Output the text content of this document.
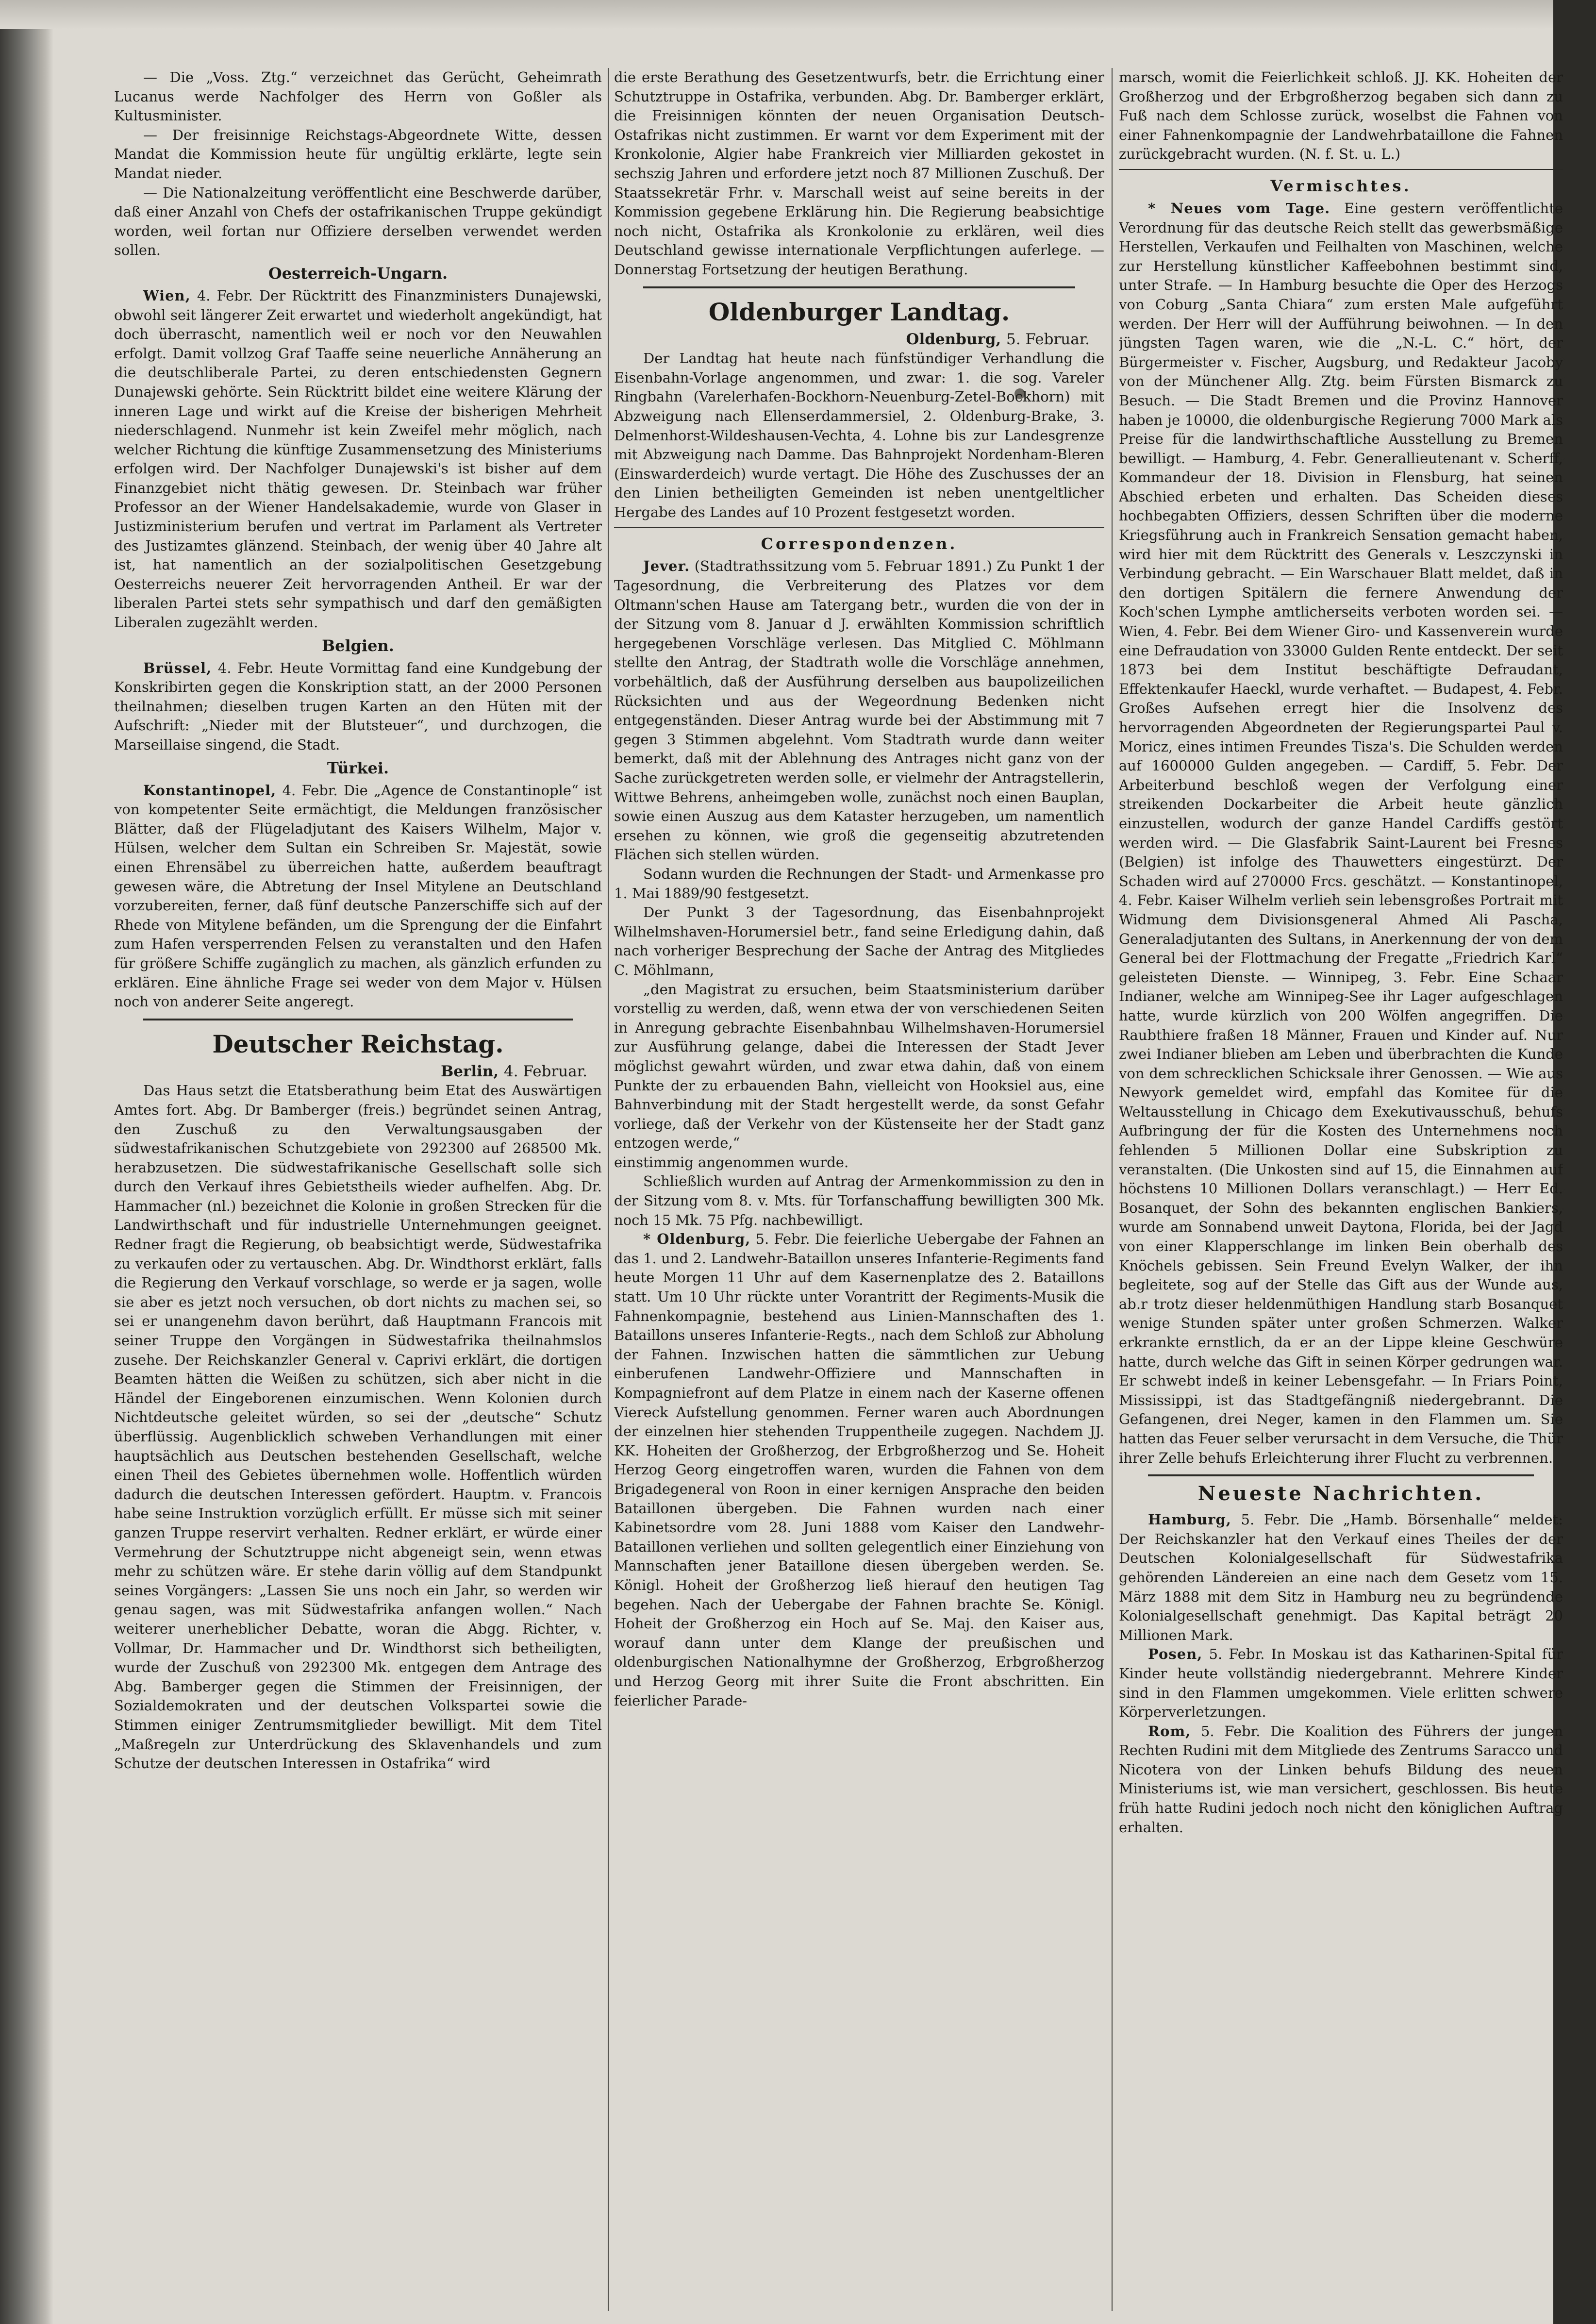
— Die „Voss. Ztg.“ verzeichnet das Gerücht, Geheimrath Lucanus werde Nachfolger des Herrn von Goßler als Kultusminister.

— Der freisinnige Reichstags-Abgeordnete Witte, dessen Mandat die Kommission heute für ungültig erklärte, legte sein Mandat nieder.

— Die Nationalzeitung veröffentlicht eine Beschwerde darüber, daß einer Anzahl von Chefs der ostafrikanischen Truppe gekündigt worden, weil fortan nur Offiziere derselben verwendet werden sollen.

Oesterreich-Ungarn.

Wien, 4. Febr. Der Rücktritt des Finanzministers Dunajewski, obwohl seit längerer Zeit erwartet und wiederholt angekündigt, hat doch überrascht, namentlich weil er noch vor den Neuwahlen erfolgt. Damit vollzog Graf Taaffe seine neuerliche Annäherung an die deutschliberale Partei, zu deren entschiedensten Gegnern Dunajewski gehörte. Sein Rücktritt bildet eine weitere Klärung der inneren Lage und wirkt auf die Kreise der bisherigen Mehrheit niederschlagend. Nunmehr ist kein Zweifel mehr möglich, nach welcher Richtung die künftige Zusammensetzung des Ministeriums erfolgen wird. Der Nachfolger Dunajewski's ist bisher auf dem Finanzgebiet nicht thätig gewesen. Dr. Steinbach war früher Professor an der Wiener Handelsakademie, wurde von Glaser in Justizministerium berufen und vertrat im Parlament als Vertreter des Justizamtes glänzend. Steinbach, der wenig über 40 Jahre alt ist, hat namentlich an der sozialpolitischen Gesetzgebung Oesterreichs neuerer Zeit hervorragenden Antheil. Er war der liberalen Partei stets sehr sympathisch und darf den gemäßigten Liberalen zugezählt werden.

Belgien.

Brüssel, 4. Febr. Heute Vormittag fand eine Kundgebung der Konskribirten gegen die Konskription statt, an der 2000 Personen theilnahmen; dieselben trugen Karten an den Hüten mit der Aufschrift: „Nieder mit der Blutsteuer“, und durchzogen, die Marseillaise singend, die Stadt.

Türkei.

Konstantinopel, 4. Febr. Die „Agence de Constantinople“ ist von kompetenter Seite ermächtigt, die Meldungen französischer Blätter, daß der Flügeladjutant des Kaisers Wilhelm, Major v. Hülsen, welcher dem Sultan ein Schreiben Sr. Majestät, sowie einen Ehrensäbel zu überreichen hatte, außerdem beauftragt gewesen wäre, die Abtretung der Insel Mitylene an Deutschland vorzubereiten, ferner, daß fünf deutsche Panzerschiffe sich auf der Rhede von Mitylene befänden, um die Sprengung der die Einfahrt zum Hafen versperrenden Felsen zu veranstalten und den Hafen für größere Schiffe zugänglich zu machen, als gänzlich erfunden zu erklären. Eine ähnliche Frage sei weder von dem Major v. Hülsen noch von anderer Seite angeregt.

Deutscher Reichstag.
Berlin, 4. Februar.

Das Haus setzt die Etatsberathung beim Etat des Auswärtigen Amtes fort. Abg. Dr Bamberger (freis.) begründet seinen Antrag, den Zuschuß zu den Verwaltungsausgaben der südwestafrikanischen Schutzgebiete von 292300 auf 268500 Mk. herabzusetzen. Die südwestafrikanische Gesellschaft solle sich durch den Verkauf ihres Gebietstheils wieder aufhelfen. Abg. Dr. Hammacher (nl.) bezeichnet die Kolonie in großen Strecken für die Landwirthschaft und für industrielle Unternehmungen geeignet. Redner fragt die Regierung, ob beabsichtigt werde, Südwestafrika zu verkaufen oder zu vertauschen. Abg. Dr. Windthorst erklärt, falls die Regierung den Verkauf vorschlage, so werde er ja sagen, wolle sie aber es jetzt noch versuchen, ob dort nichts zu machen sei, so sei er unangenehm davon berührt, daß Hauptmann Francois mit seiner Truppe den Vorgängen in Südwestafrika theilnahmslos zusehe. Der Reichskanzler General v. Caprivi erklärt, die dortigen Beamten hätten die Weißen zu schützen, sich aber nicht in die Händel der Eingeborenen einzumischen. Wenn Kolonien durch Nichtdeutsche geleitet würden, so sei der „deutsche“ Schutz überflüssig. Augenblicklich schweben Verhandlungen mit einer hauptsächlich aus Deutschen bestehenden Gesellschaft, welche einen Theil des Gebietes übernehmen wolle. Hoffentlich würden dadurch die deutschen Interessen gefördert. Hauptm. v. Francois habe seine Instruktion vorzüglich erfüllt. Er müsse sich mit seiner ganzen Truppe reservirt verhalten. Redner erklärt, er würde einer Vermehrung der Schutztruppe nicht abgeneigt sein, wenn etwas mehr zu schützen wäre. Er stehe darin völlig auf dem Standpunkt seines Vorgängers: „Lassen Sie uns noch ein Jahr, so werden wir genau sagen, was mit Südwestafrika anfangen wollen.“ Nach weiterer unerheblicher Debatte, woran die Abgg. Richter, v. Vollmar, Dr. Hammacher und Dr. Windthorst sich betheiligten, wurde der Zuschuß von 292300 Mk. entgegen dem Antrage des Abg. Bamberger gegen die Stimmen der Freisinnigen, der Sozialdemokraten und der deutschen Volkspartei sowie die Stimmen einiger Zentrumsmitglieder bewilligt. Mit dem Titel „Maßregeln zur Unterdrückung des Sklavenhandels und zum Schutze der deutschen Interessen in Ostafrika“ wird

die erste Berathung des Gesetzentwurfs, betr. die Errichtung einer Schutztruppe in Ostafrika, verbunden. Abg. Dr. Bamberger erklärt, die Freisinnigen könnten der neuen Organisation Deutsch-Ostafrikas nicht zustimmen. Er warnt vor dem Experiment mit der Kronkolonie, Algier habe Frankreich vier Milliarden gekostet in sechszig Jahren und erfordere jetzt noch 87 Millionen Zuschuß. Der Staatssekretär Frhr. v. Marschall weist auf seine bereits in der Kommission gegebene Erklärung hin. Die Regierung beabsichtige noch nicht, Ostafrika als Kronkolonie zu erklären, weil dies Deutschland gewisse internationale Verpflichtungen auferlege. — Donnerstag Fortsetzung der heutigen Berathung.

Oldenburger Landtag.
Oldenburg, 5. Februar.

Der Landtag hat heute nach fünfstündiger Verhandlung die Eisenbahn-Vorlage angenommen, und zwar: 1. die sog. Vareler Ringbahn (Varelerhafen-Bockhorn-Neuenburg-Zetel-Bockhorn) mit Abzweigung nach Ellenserdammersiel, 2. Oldenburg-Brake, 3. Delmenhorst-Wildeshausen-Vechta, 4. Lohne bis zur Landesgrenze mit Abzweigung nach Damme. Das Bahnprojekt Nordenham-Bleren (Einswarderdeich) wurde vertagt. Die Höhe des Zuschusses der an den Linien betheiligten Gemeinden ist neben unentgeltlicher Hergabe des Landes auf 10 Prozent festgesetzt worden.

Correspondenzen.

Jever. (Stadtrathssitzung vom 5. Februar 1891.) Zu Punkt 1 der Tagesordnung, die Verbreiterung des Platzes vor dem Oltmann'schen Hause am Tatergang betr., wurden die von der in der Sitzung vom 8. Januar d J. erwählten Kommission schriftlich hergegebenen Vorschläge verlesen. Das Mitglied C. Möhlmann stellte den Antrag, der Stadtrath wolle die Vorschläge annehmen, vorbehältlich, daß der Ausführung derselben aus baupolizeilichen Rücksichten und aus der Wegeordnung Bedenken nicht entgegenständen. Dieser Antrag wurde bei der Abstimmung mit 7 gegen 3 Stimmen abgelehnt. Vom Stadtrath wurde dann weiter bemerkt, daß mit der Ablehnung des Antrages nicht ganz von der Sache zurückgetreten werden solle, er vielmehr der Antragstellerin, Wittwe Behrens, anheimgeben wolle, zunächst noch einen Bauplan, sowie einen Auszug aus dem Kataster herzugeben, um namentlich ersehen zu können, wie groß die gegenseitig abzutretenden Flächen sich stellen würden.

Sodann wurden die Rechnungen der Stadt- und Armenkasse pro 1. Mai 1889/90 festgesetzt.

Der Punkt 3 der Tagesordnung, das Eisenbahnprojekt Wilhelmshaven-Horumersiel betr., fand seine Erledigung dahin, daß nach vorheriger Besprechung der Sache der Antrag des Mitgliedes C. Möhlmann,

„den Magistrat zu ersuchen, beim Staatsministerium darüber vorstellig zu werden, daß, wenn etwa der von verschiedenen Seiten in Anregung gebrachte Eisenbahnbau Wilhelmshaven-Horumersiel zur Ausführung gelange, dabei die Interessen der Stadt Jever möglichst gewahrt würden, und zwar etwa dahin, daß von einem Punkte der zu erbauenden Bahn, vielleicht von Hooksiel aus, eine Bahnverbindung mit der Stadt hergestellt werde, da sonst Gefahr vorliege, daß der Verkehr von der Küstenseite her der Stadt ganz entzogen werde,“

einstimmig angenommen wurde.

Schließlich wurden auf Antrag der Armenkommission zu den in der Sitzung vom 8. v. Mts. für Torfanschaffung bewilligten 300 Mk. noch 15 Mk. 75 Pfg. nachbewilligt.

* Oldenburg, 5. Febr. Die feierliche Uebergabe der Fahnen an das 1. und 2. Landwehr-Bataillon unseres Infanterie-Regiments fand heute Morgen 11 Uhr auf dem Kasernenplatze des 2. Bataillons statt. Um 10 Uhr rückte unter Vorantritt der Regiments-Musik die Fahnenkompagnie, bestehend aus Linien-Mannschaften des 1. Bataillons unseres Infanterie-Regts., nach dem Schloß zur Abholung der Fahnen. Inzwischen hatten die sämmtlichen zur Uebung einberufenen Landwehr-Offiziere und Mannschaften in Kompagniefront auf dem Platze in einem nach der Kaserne offenen Viereck Aufstellung genommen. Ferner waren auch Abordnungen der einzelnen hier stehenden Truppentheile zugegen. Nachdem JJ. KK. Hoheiten der Großherzog, der Erbgroßherzog und Se. Hoheit Herzog Georg eingetroffen waren, wurden die Fahnen von dem Brigadegeneral von Roon in einer kernigen Ansprache den beiden Bataillonen übergeben. Die Fahnen wurden nach einer Kabinetsordre vom 28. Juni 1888 vom Kaiser den Landwehr-Bataillonen verliehen und sollten gelegentlich einer Einziehung von Mannschaften jener Bataillone diesen übergeben werden. Se. Königl. Hoheit der Großherzog ließ hierauf den heutigen Tag begehen. Nach der Uebergabe der Fahnen brachte Se. Königl. Hoheit der Großherzog ein Hoch auf Se. Maj. den Kaiser aus, worauf dann unter dem Klange der preußischen und oldenburgischen Nationalhymne der Großherzog, Erbgroßherzog und Herzog Georg mit ihrer Suite die Front abschritten. Ein feierlicher Parade-

marsch, womit die Feierlichkeit schloß. JJ. KK. Hoheiten der Großherzog und der Erbgroßherzog begaben sich dann zu Fuß nach dem Schlosse zurück, woselbst die Fahnen von einer Fahnenkompagnie der Landwehrbataillone die Fahnen zurückgebracht wurden. (N. f. St. u. L.)

Vermischtes.

* Neues vom Tage. Eine gestern veröffentlichte Verordnung für das deutsche Reich stellt das gewerbsmäßige Herstellen, Verkaufen und Feilhalten von Maschinen, welche zur Herstellung künstlicher Kaffeebohnen bestimmt sind, unter Strafe. — In Hamburg besuchte die Oper des Herzogs von Coburg „Santa Chiara“ zum ersten Male aufgeführt werden. Der Herr will der Aufführung beiwohnen. — In den jüngsten Tagen waren, wie die „N.-L. C.“ hört, der Bürgermeister v. Fischer, Augsburg, und Redakteur Jacoby von der Münchener Allg. Ztg. beim Fürsten Bismarck zu Besuch. — Die Stadt Bremen und die Provinz Hannover haben je 10000, die oldenburgische Regierung 7000 Mark als Preise für die landwirthschaftliche Ausstellung zu Bremen bewilligt. — Hamburg, 4. Febr. Generallieutenant v. Scherff, Kommandeur der 18. Division in Flensburg, hat seinen Abschied erbeten und erhalten. Das Scheiden dieses hochbegabten Offiziers, dessen Schriften über die moderne Kriegsführung auch in Frankreich Sensation gemacht haben, wird hier mit dem Rücktritt des Generals v. Leszczynski in Verbindung gebracht. — Ein Warschauer Blatt meldet, daß in den dortigen Spitälern die fernere Anwendung der Koch'schen Lymphe amtlicherseits verboten worden sei. — Wien, 4. Febr. Bei dem Wiener Giro- und Kassenverein wurde eine Defraudation von 33000 Gulden Rente entdeckt. Der seit 1873 bei dem Institut beschäftigte Defraudant, Effektenkaufer Haeckl, wurde verhaftet. — Budapest, 4. Febr. Großes Aufsehen erregt hier die Insolvenz des hervorragenden Abgeordneten der Regierungspartei Paul v. Moricz, eines intimen Freundes Tisza's. Die Schulden werden auf 1600000 Gulden angegeben. — Cardiff, 5. Febr. Der Arbeiterbund beschloß wegen der Verfolgung einer streikenden Dockarbeiter die Arbeit heute gänzlich einzustellen, wodurch der ganze Handel Cardiffs gestört werden wird. — Die Glasfabrik Saint-Laurent bei Fresnes (Belgien) ist infolge des Thauwetters eingestürzt. Der Schaden wird auf 270000 Frcs. geschätzt. — Konstantinopel, 4. Febr. Kaiser Wilhelm verlieh sein lebensgroßes Portrait mit Widmung dem Divisionsgeneral Ahmed Ali Pascha, Generaladjutanten des Sultans, in Anerkennung der von dem General bei der Flottmachung der Fregatte „Friedrich Karl“ geleisteten Dienste. — Winnipeg, 3. Febr. Eine Schaar Indianer, welche am Winnipeg-See ihr Lager aufgeschlagen hatte, wurde kürzlich von 200 Wölfen angegriffen. Die Raubthiere fraßen 18 Männer, Frauen und Kinder auf. Nur zwei Indianer blieben am Leben und überbrachten die Kunde von dem schrecklichen Schicksale ihrer Genossen. — Wie aus Newyork gemeldet wird, empfahl das Komitee für die Weltausstellung in Chicago dem Exekutivausschuß, behufs Aufbringung der für die Kosten des Unternehmens noch fehlenden 5 Millionen Dollar eine Subskription zu veranstalten. (Die Unkosten sind auf 15, die Einnahmen auf höchstens 10 Millionen Dollars veranschlagt.) — Herr Ed. Bosanquet, der Sohn des bekannten englischen Bankiers, wurde am Sonnabend unweit Daytona, Florida, bei der Jagd von einer Klapperschlange im linken Bein oberhalb des Knöchels gebissen. Sein Freund Evelyn Walker, der ihn begleitete, sog auf der Stelle das Gift aus der Wunde aus, ab.r trotz dieser heldenmüthigen Handlung starb Bosanquet wenige Stunden später unter großen Schmerzen. Walker erkrankte ernstlich, da er an der Lippe kleine Geschwüre hatte, durch welche das Gift in seinen Körper gedrungen war. Er schwebt indeß in keiner Lebensgefahr. — In Friars Point, Mississippi, ist das Stadtgefängniß niedergebrannt. Die Gefangenen, drei Neger, kamen in den Flammen um. Sie hatten das Feuer selber verursacht in dem Versuche, die Thür ihrer Zelle behufs Erleichterung ihrer Flucht zu verbrennen.

Neueste Nachrichten.

Hamburg, 5. Febr. Die „Hamb. Börsenhalle“ meldet: Der Reichskanzler hat den Verkauf eines Theiles der der Deutschen Kolonialgesellschaft für Südwestafrika gehörenden Ländereien an eine nach dem Gesetz vom 15. März 1888 mit dem Sitz in Hamburg neu zu begründende Kolonialgesellschaft genehmigt. Das Kapital beträgt 20 Millionen Mark.

Posen, 5. Febr. In Moskau ist das Katharinen-Spital für Kinder heute vollständig niedergebrannt. Mehrere Kinder sind in den Flammen umgekommen. Viele erlitten schwere Körperverletzungen.

Rom, 5. Febr. Die Koalition des Führers der jungen Rechten Rudini mit dem Mitgliede des Zentrums Saracco und Nicotera von der Linken behufs Bildung des neuen Ministeriums ist, wie man versichert, geschlossen. Bis heute früh hatte Rudini jedoch noch nicht den königlichen Auftrag erhalten.
